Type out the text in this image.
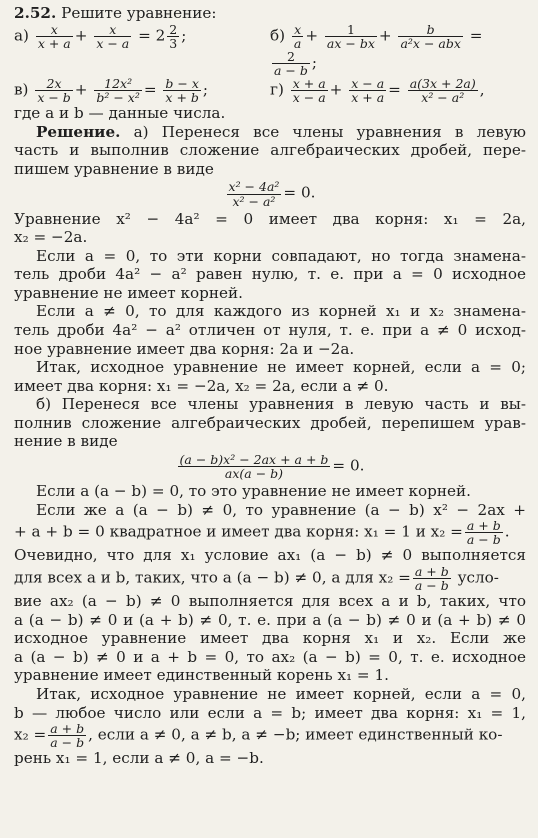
2.52. Решите уравнение:
$а) \frac{x}{x + a} + \frac{x}{x - a} = 2 \frac{2}{3}$ ;	$б) \frac{x}{a} + \frac{1}{ax - bx} + \frac{b}{\text{a²x − abx}}$ =
$\frac{2}{a - b}$ ;
$в) \frac{2x}{x - b} + \frac{\text{12x²}}{\text{b² − x²}} = \frac{b - x}{x + b}$ ;	$г) \frac{x + a}{x - a} + \frac{x - a}{x + a} = \frac{a(3x + 2a)}{\text{x² − a²}}$ ,
где a и b — данные числа.
Решение. а) Перенеся все члены уравнения в левую
часть и выполнив сложение алгебраических дробей, пере-
пишем уравнение в виде
$\frac{\text{x² − 4a²}}{\text{x² − a²}} = 0$.
Уравнение x² − 4a² = 0 имеет два корня: x₁ = 2a,
x₂ = −2a.
Если a = 0, то эти корни совпадают, но тогда знамена-
тель дроби 4a² − a² равен нулю, т. е. при a = 0 исходное
уравнение не имеет корней.
Если a ≠ 0, то для каждого из корней x₁ и x₂ знамена-
тель дроби 4a² − a² отличен от нуля, т. е. при a ≠ 0 исход-
ное уравнение имеет два корня: 2a и −2a.
Итак, исходное уравнение не имеет корней, если a = 0;
имеет два корня: x₁ = −2a, x₂ = 2a, если a ≠ 0.
б) Перенеся все члены уравнения в левую часть и вы-
полнив сложение алгебраических дробей, перепишем урав-
нение в виде
$\frac{\text{(a − b)x² − 2ax + a + b}}{ax(a - b)} = 0$.
Если a (a − b) = 0, то это уравнение не имеет корней.
Если же a (a − b) ≠ 0, то уравнение (a − b) x² − 2ax +
+ a + b = 0 квадратное и имеет два корня: x₁ = 1 и $x_2 = \frac{a + b}{a - b}$ .
Очевидно, что для x₁ условие ax₁ (a − b) ≠ 0 выполняется
для всех a и b, таких, что a (a − b) ≠ 0, а для $x_2 = \frac{a + b}{a - b}$ усло-
вие ax₂ (a − b) ≠ 0 выполняется для всех a и b, таких, что
a (a − b) ≠ 0 и (a + b) ≠ 0, т. е. при a (a − b) ≠ 0 и (a + b) ≠ 0
исходное уравнение имеет два корня x₁ и x₂. Если же
a (a − b) ≠ 0 и a + b = 0, то ax₂ (a − b) = 0, т. е. исходное
уравнение имеет единственный корень x₁ = 1.
Итак, исходное уравнение не имеет корней, если a = 0,
b — любое число или если a = b; имеет два корня: x₁ = 1,
$x_2 = \frac{a + b}{a - b}$ , если a ≠ 0, a ≠ b, a ≠ −b; имеет единственный ко-
рень x₁ = 1, если a ≠ 0, a = −b.
